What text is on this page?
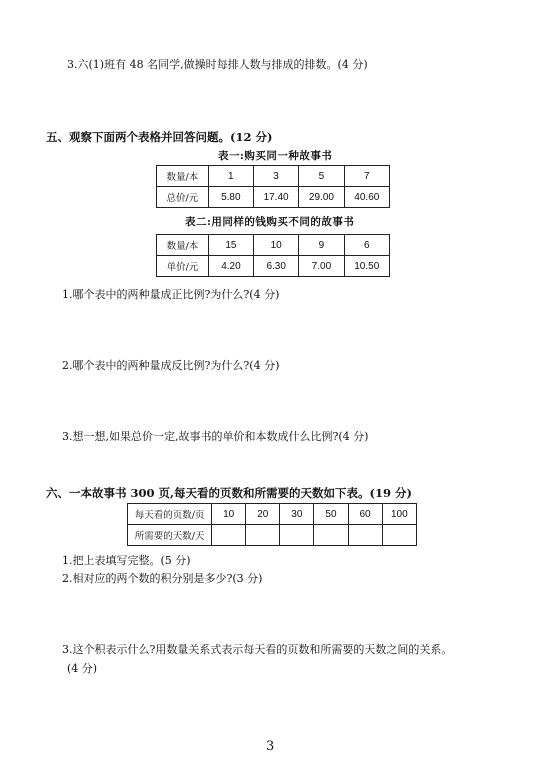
3.六(1)班有 48 名同学,做操时每排人数与排成的排数。(4 分)
五、观察下面两个表格并回答问题。(12 分)
表一:购买同一种故事书
数量/本	1	3	5	7
总价/元	5.80	17.40	29.00	40.60
表二:用同样的钱购买不同的故事书
数量/本	15	10	9	6
单价/元	4.20	6.30	7.00	10.50
1.哪个表中的两种量成正比例?为什么?(4 分)
2.哪个表中的两种量成反比例?为什么?(4 分)
3.想一想,如果总价一定,故事书的单价和本数成什么比例?(4 分)
六、一本故事书 300 页,每天看的页数和所需要的天数如下表。(19 分)
每天看的页数/页	10	20	30	50	60	100
所需要的天数/天						
1.把上表填写完整。(5 分)
2.相对应的两个数的积分别是多少?(3 分)
3.这个积表示什么?用数量关系式表示每天看的页数和所需要的天数之间的关系。
(4 分)
3
